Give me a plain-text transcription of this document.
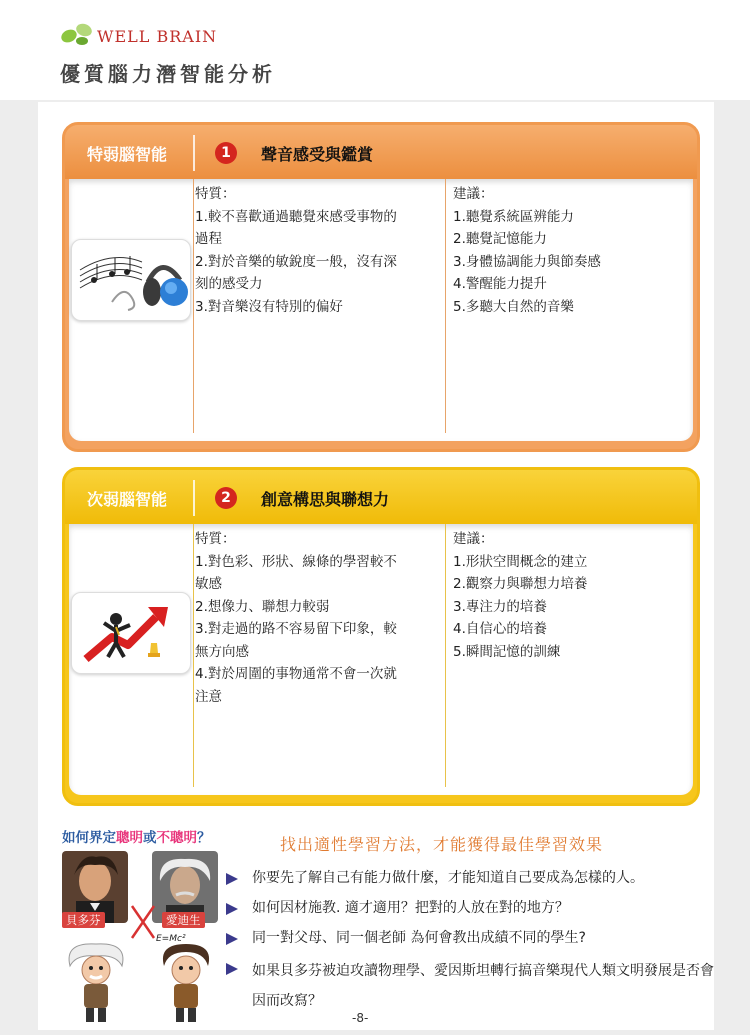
WELL BRAIN
優質腦力潛智能分析
特弱腦智能	1	聲音感受與鑑賞
特質：
1.較不喜歡通過聽覺來感受事物的
過程
2.對於音樂的敏銳度一般，沒有深
刻的感受力
3.對音樂沒有特別的偏好
建議：
1.聽覺系統區辨能力
2.聽覺記憶能力
3.身體協調能力與節奏感
4.警醒能力提升
5.多聽大自然的音樂
次弱腦智能	2	創意構思與聯想力
特質：
1.對色彩、形狀、線條的學習較不
敏感
2.想像力、聯想力較弱
3.對走過的路不容易留下印象，較
無方向感
4.對於周圍的事物通常不會一次就
注意
建議：
1.形狀空間概念的建立
2.觀察力與聯想力培養
3.專注力的培養
4.自信心的培養
5.瞬間記憶的訓練
如何界定聰明或不聰明？	找出適性學習方法，才能獲得最佳學習效果
貝多芬	愛迪生
E=Mc²
你要先了解自己有能力做什麼，才能知道自己要成為怎樣的人。
如何因材施教. 適才適用？把對的人放在對的地方？
同一對父母、同一個老師 為何會教出成績不同的學生?
如果貝多芬被迫攻讀物理學、愛因斯坦轉行搞音樂現代人類文明發展是否會因而改寫？
-8-
